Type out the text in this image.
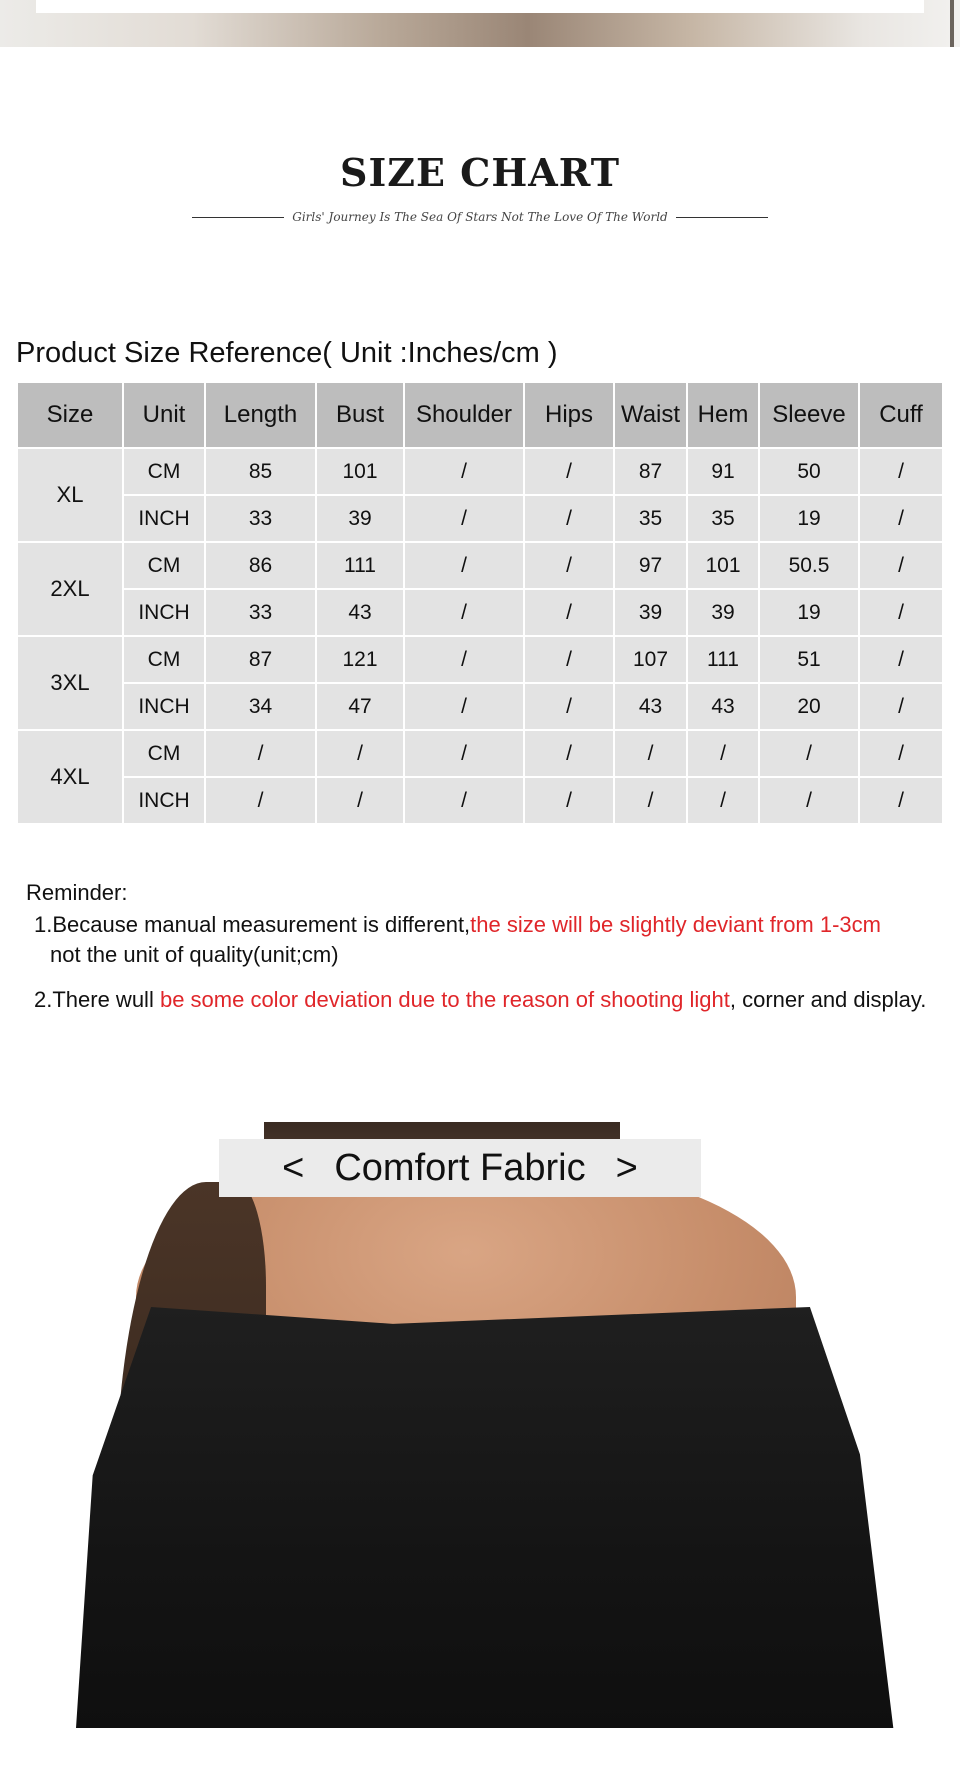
SIZE CHART
Girls' Journey Is The Sea Of Stars Not The Love Of The World
Product Size Reference( Unit :Inches/cm )
Size	Unit	Length	Bust	Shoulder	Hips	Waist	Hem	Sleeve	Cuff
XL	CM	85	101	/	/	87	91	50	/
	INCH	33	39	/	/	35	35	19	/
2XL	CM	86	111	/	/	97	101	50.5	/
	INCH	33	43	/	/	39	39	19	/
3XL	CM	87	121	/	/	107	111	51	/
	INCH	34	47	/	/	43	43	20	/
4XL	CM	/	/	/	/	/	/	/	/
	INCH	/	/	/	/	/	/	/	/
Reminder:
1.Because manual measurement is different,the size will be slightly deviant from 1-3cm
not the unit of quality(unit;cm)
2.There wull be some color deviation due to the reason of shooting light, corner and display.
< Comfort Fabric >
